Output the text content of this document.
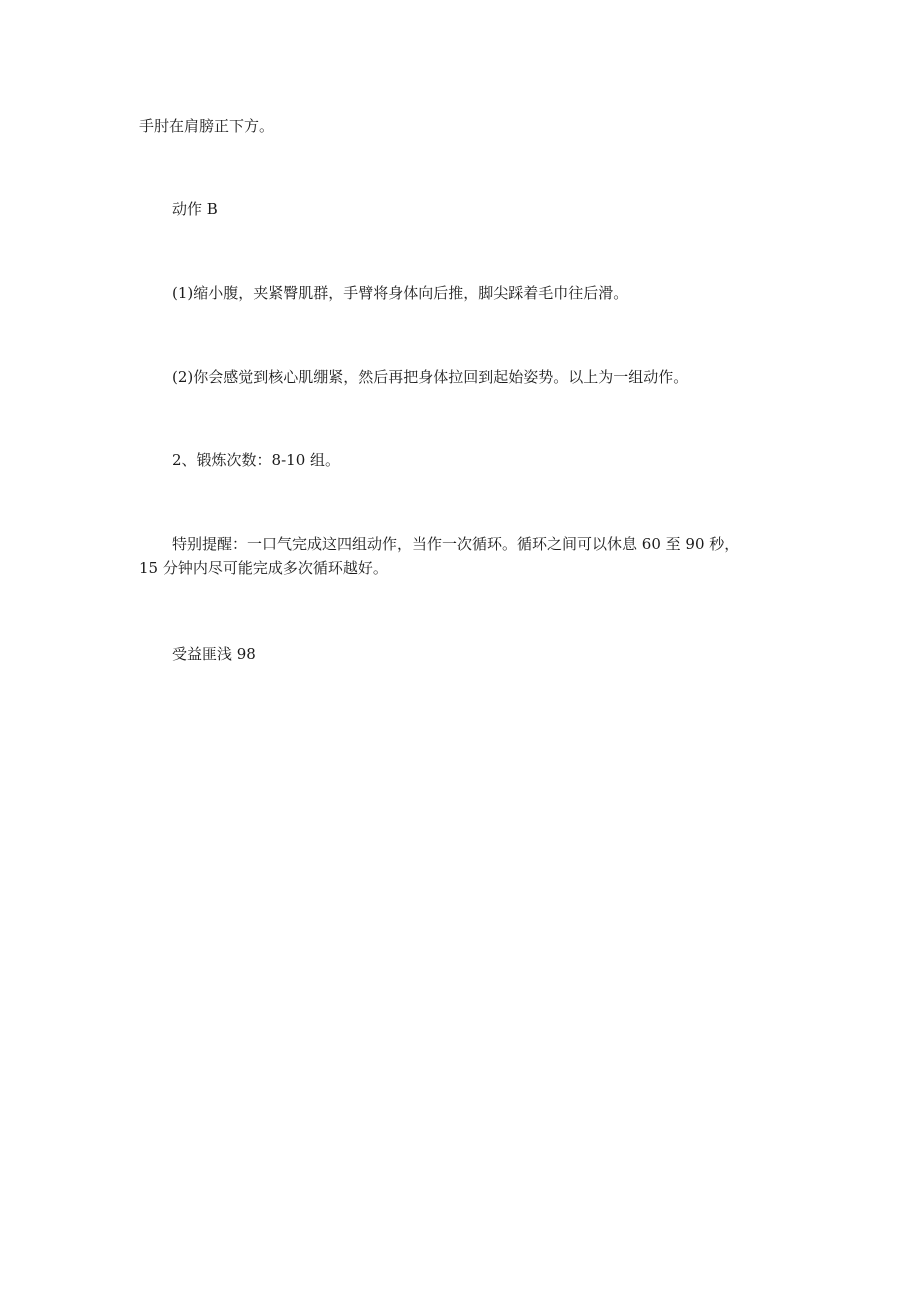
手肘在肩膀正下方。

动作 B

(1)缩小腹，夹紧臀肌群，手臂将身体向后推，脚尖踩着毛巾往后滑。

(2)你会感觉到核心肌绷紧，然后再把身体拉回到起始姿势。以上为一组动作。

2、锻炼次数：8-10 组。

特别提醒：一口气完成这四组动作，当作一次循环。循环之间可以休息 60 至 90 秒，
15 分钟内尽可能完成多次循环越好。

受益匪浅 98
